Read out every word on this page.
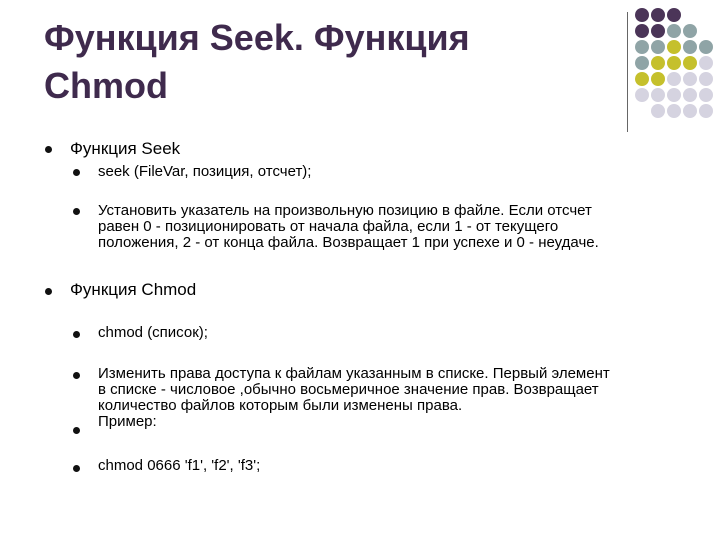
Функция Seek. Функция
Chmod
Функция Seek
seek (FileVar, позиция, отсчет);
Установить указатель на произвольную позицию в файле. Если отсчет
равен 0 - позиционировать от начала файла, если 1 - от текущего
положения, 2 - от конца файла. Возвращает 1 при успехе и 0 - неудаче.
Функция Chmod
chmod (список);
Изменить права доступа к файлам указанным в списке. Первый элемент
в списке - числовое ,обычно восьмеричное значение прав. Возвращает
количество файлов которым были изменены права.
Пример:
chmod 0666 'f1', 'f2', 'f3';
